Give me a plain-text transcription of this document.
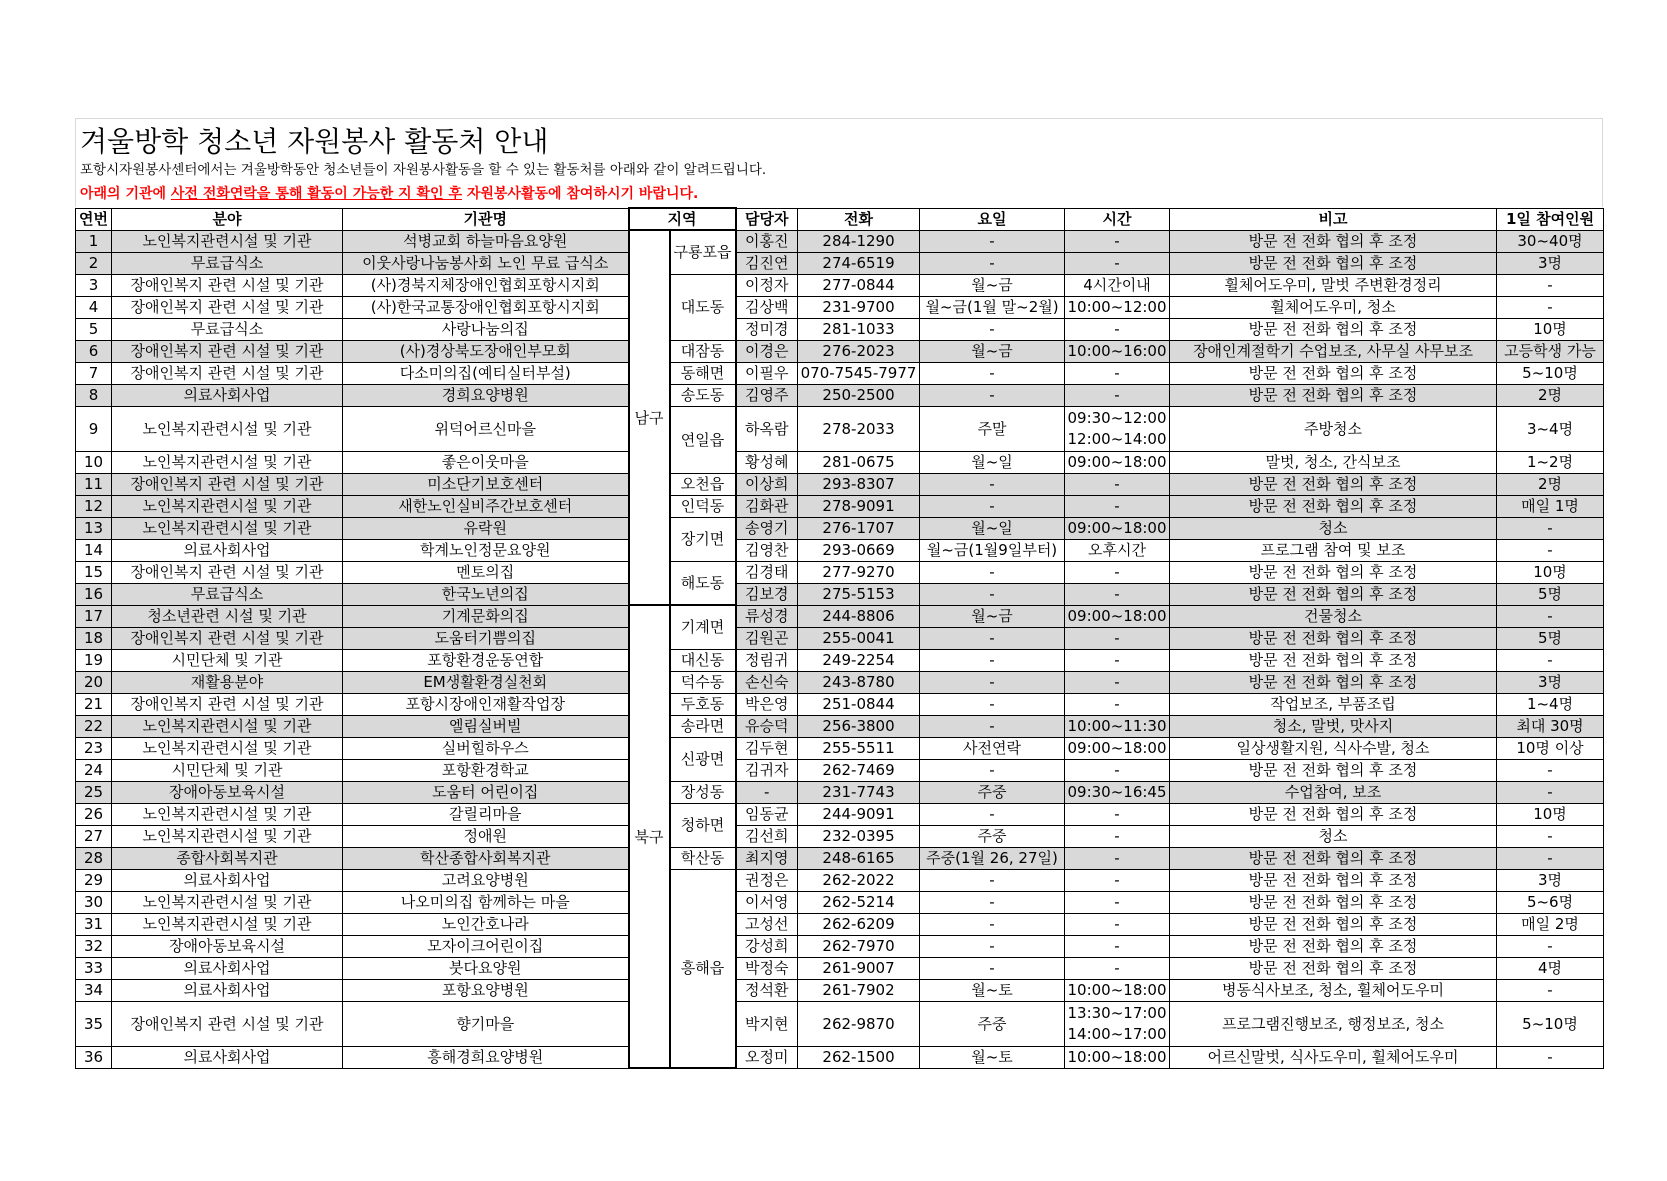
겨울방학 청소년 자원봉사 활동처 안내
포항시자원봉사센터에서는 겨울방학동안 청소년들이 자원봉사활동을 할 수 있는 활동처를 아래와 같이 알려드립니다.
아래의 기관에 사전 전화연락을 통해 활동이 가능한 지 확인 후 자원봉사활동에 참여하시기 바랍니다.
연번	분야	기관명	지역		담당자	전화	요일	시간	비고	1일 참여인원
1	노인복지관련시설 및 기관	석병교회 하늘마음요양원	남구	구룡포읍	이홍진	284-1290	-	-	방문 전 전화 협의 후 조정	30~40명
2	무료급식소	이웃사랑나눔봉사회 노인 무료 급식소			김진연	274-6519	-	-	방문 전 전화 협의 후 조정	3명
3	장애인복지 관련 시설 및 기관	(사)경북지체장애인협회포항시지회		대도동	이정자	277-0844	월~금	4시간이내	휠체어도우미, 말벗 주변환경정리	-
4	장애인복지 관련 시설 및 기관	(사)한국교통장애인협회포항시지회			김상백	231-9700	월~금(1월 말~2월)	10:00~12:00	휠체어도우미, 청소	-
5	무료급식소	사랑나눔의집			정미경	281-1033	-	-	방문 전 전화 협의 후 조정	10명
6	장애인복지 관련 시설 및 기관	(사)경상북도장애인부모회		대잠동	이경은	276-2023	월~금	10:00~16:00	장애인계절학기 수업보조, 사무실 사무보조	고등학생 가능
7	장애인복지 관련 시설 및 기관	다소미의집(예티실터부설)		동해면	이필우	070-7545-7977	-	-	방문 전 전화 협의 후 조정	5~10명
8	의료사회사업	경희요양병원		송도동	김영주	250-2500	-	-	방문 전 전화 협의 후 조정	2명
9	노인복지관련시설 및 기관	위덕어르신마을		연일읍	하옥람	278-2033	주말	09:30~12:00
12:00~14:00	주방청소	3~4명
10	노인복지관련시설 및 기관	좋은이웃마을			황성혜	281-0675	월~일	09:00~18:00	말벗, 청소, 간식보조	1~2명
11	장애인복지 관련 시설 및 기관	미소단기보호센터		오천읍	이상희	293-8307	-	-	방문 전 전화 협의 후 조정	2명
12	노인복지관련시설 및 기관	새한노인실비주간보호센터		인덕동	김화관	278-9091	-	-	방문 전 전화 협의 후 조정	매일 1명
13	노인복지관련시설 및 기관	유락원		장기면	송영기	276-1707	월~일	09:00~18:00	청소	-
14	의료사회사업	학계노인정문요양원			김영찬	293-0669	월~금(1월9일부터)	오후시간	프로그램 참여 및 보조	-
15	장애인복지 관련 시설 및 기관	멘토의집		해도동	김경태	277-9270	-	-	방문 전 전화 협의 후 조정	10명
16	무료급식소	한국노년의집			김보경	275-5153	-	-	방문 전 전화 협의 후 조정	5명
17	청소년관련 시설 및 기관	기계문화의집	북구	기계면	류성경	244-8806	월~금	09:00~18:00	건물청소	-
18	장애인복지 관련 시설 및 기관	도움터기쁨의집			김원곤	255-0041	-	-	방문 전 전화 협의 후 조정	5명
19	시민단체 및 기관	포항환경운동연합		대신동	정림귀	249-2254	-	-	방문 전 전화 협의 후 조정	-
20	재활용분야	EM생활환경실천회		덕수동	손신숙	243-8780	-	-	방문 전 전화 협의 후 조정	3명
21	장애인복지 관련 시설 및 기관	포항시장애인재활작업장		두호동	박은영	251-0844	-	-	작업보조, 부품조립	1~4명
22	노인복지관련시설 및 기관	엘림실버빌		송라면	유승덕	256-3800	-	10:00~11:30	청소, 말벗, 맛사지	최대 30명
23	노인복지관련시설 및 기관	실버힐하우스		신광면	김두현	255-5511	사전연락	09:00~18:00	일상생활지원, 식사수발, 청소	10명 이상
24	시민단체 및 기관	포항환경학교			김귀자	262-7469	-	-	방문 전 전화 협의 후 조정	-
25	장애아동보육시설	도움터 어린이집		장성동	-	231-7743	주중	09:30~16:45	수업참여, 보조	-
26	노인복지관련시설 및 기관	갈릴리마을		청하면	임동균	244-9091	-	-	방문 전 전화 협의 후 조정	10명
27	노인복지관련시설 및 기관	정애원			김선희	232-0395	주중	-	청소	-
28	종합사회복지관	학산종합사회복지관		학산동	최지영	248-6165	주중(1월 26, 27일)	-	방문 전 전화 협의 후 조정	-
29	의료사회사업	고려요양병원		흥해읍	권정은	262-2022	-	-	방문 전 전화 협의 후 조정	3명
30	노인복지관련시설 및 기관	나오미의집 함께하는 마을			이서영	262-5214	-	-	방문 전 전화 협의 후 조정	5~6명
31	노인복지관련시설 및 기관	노인간호나라			고성선	262-6209	-	-	방문 전 전화 협의 후 조정	매일 2명
32	장애아동보육시설	모자이크어린이집			강성희	262-7970	-	-	방문 전 전화 협의 후 조정	-
33	의료사회사업	붓다요양원			박정숙	261-9007	-	-	방문 전 전화 협의 후 조정	4명
34	의료사회사업	포항요양병원			정석환	261-7902	월~토	10:00~18:00	병동식사보조, 청소, 휠체어도우미	-
35	장애인복지 관련 시설 및 기관	향기마을			박지현	262-9870	주중	13:30~17:00
14:00~17:00	프로그램진행보조, 행정보조, 청소	5~10명
36	의료사회사업	흥해경희요양병원			오정미	262-1500	월~토	10:00~18:00	어르신말벗, 식사도우미, 휠체어도우미	-
